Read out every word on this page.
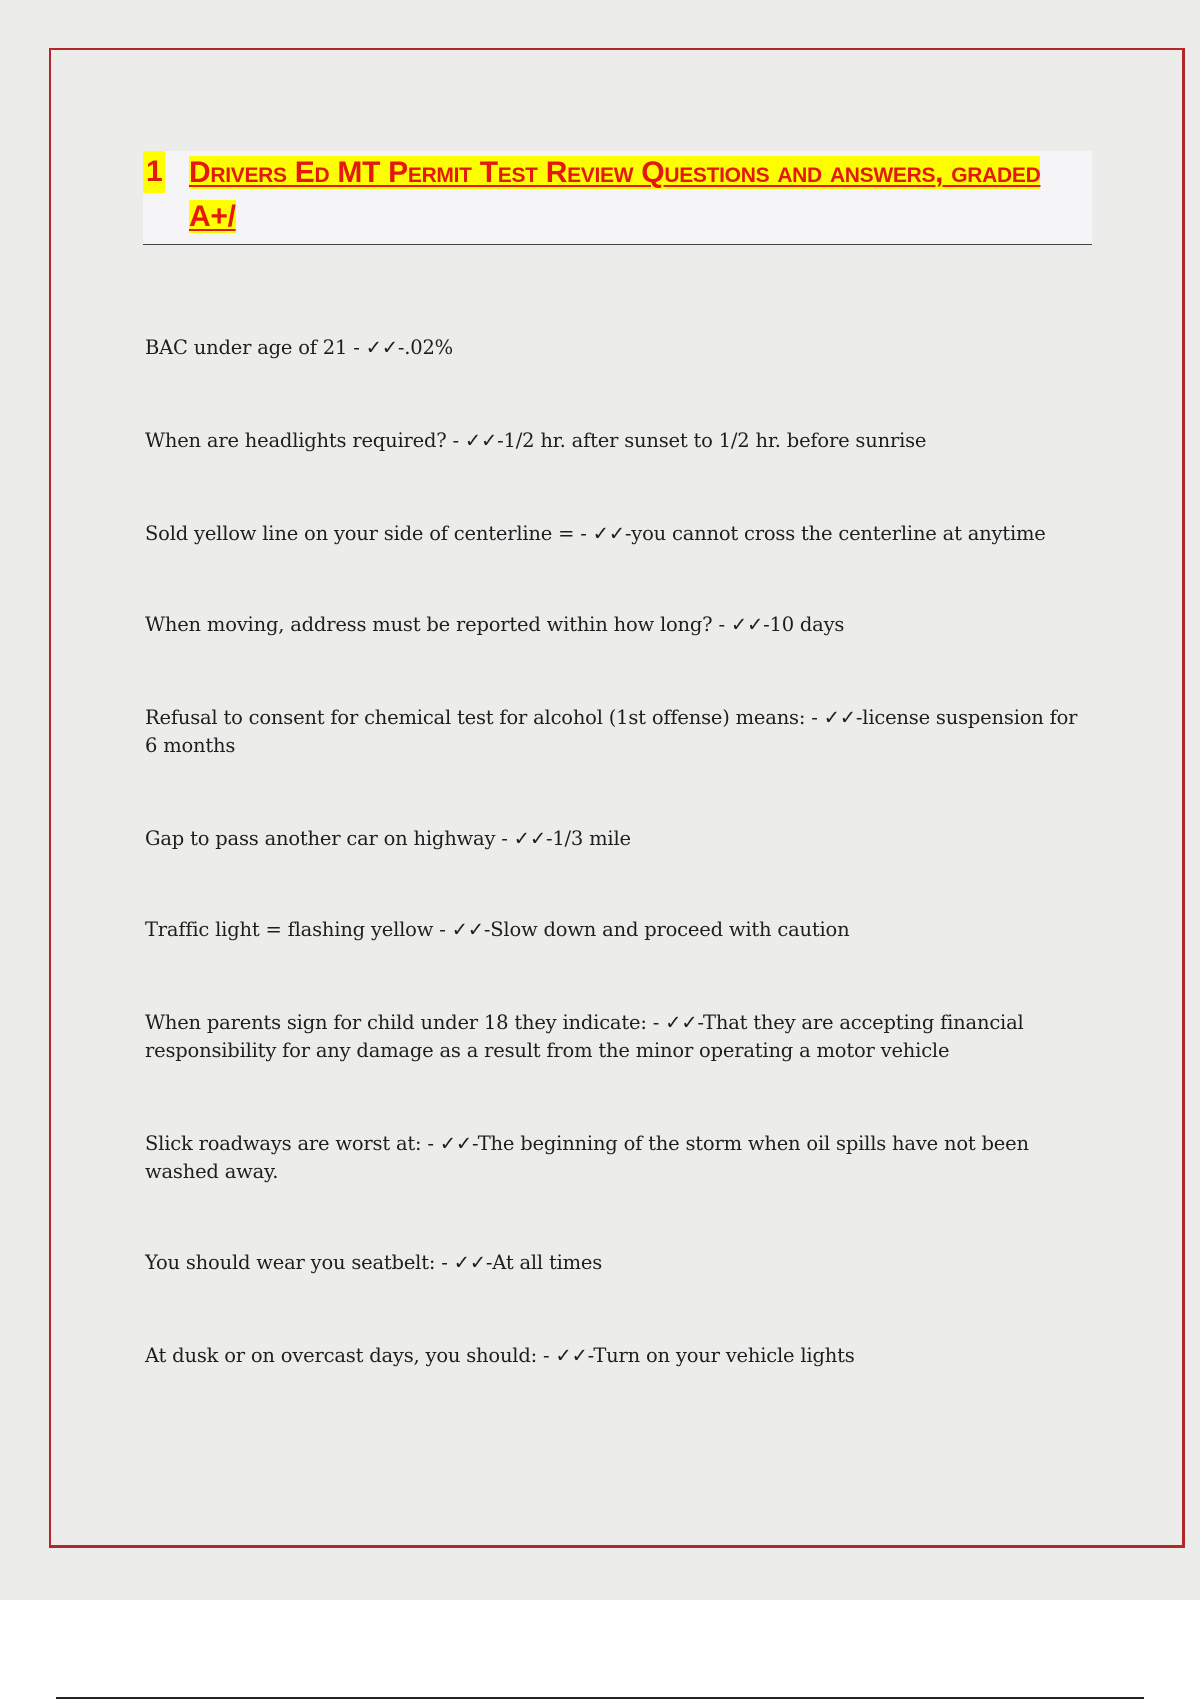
1 Drivers Ed MT Permit Test Review Questions and answers, graded A+/
BAC under age of 21 - ✓✓-.02%
When are headlights required? - ✓✓-1/2 hr. after sunset to 1/2 hr. before sunrise
Sold yellow line on your side of centerline = - ✓✓-you cannot cross the centerline at anytime
When moving, address must be reported within how long? - ✓✓-10 days
Refusal to consent for chemical test for alcohol (1st offense) means: - ✓✓-license suspension for 6 months
Gap to pass another car on highway - ✓✓-1/3 mile
Traffic light = flashing yellow - ✓✓-Slow down and proceed with caution
When parents sign for child under 18 they indicate: - ✓✓-That they are accepting financial responsibility for any damage as a result from the minor operating a motor vehicle
Slick roadways are worst at: - ✓✓-The beginning of the storm when oil spills have not been washed away.
You should wear you seatbelt: - ✓✓-At all times
At dusk or on overcast days, you should: - ✓✓-Turn on your vehicle lights
